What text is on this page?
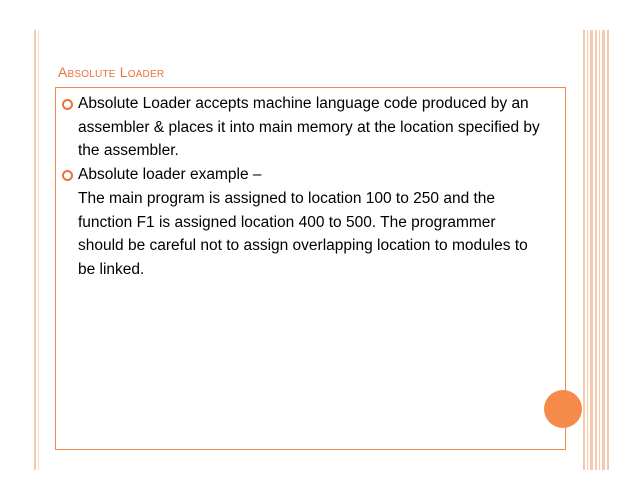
Absolute Loader
Absolute Loader accepts machine language code produced by an assembler & places it into main memory at the location specified by the assembler.
Absolute loader example –
The main program is assigned to location 100 to 250 and the function F1 is assigned location 400 to 500. The programmer should be careful not to assign overlapping location to modules to be linked.
